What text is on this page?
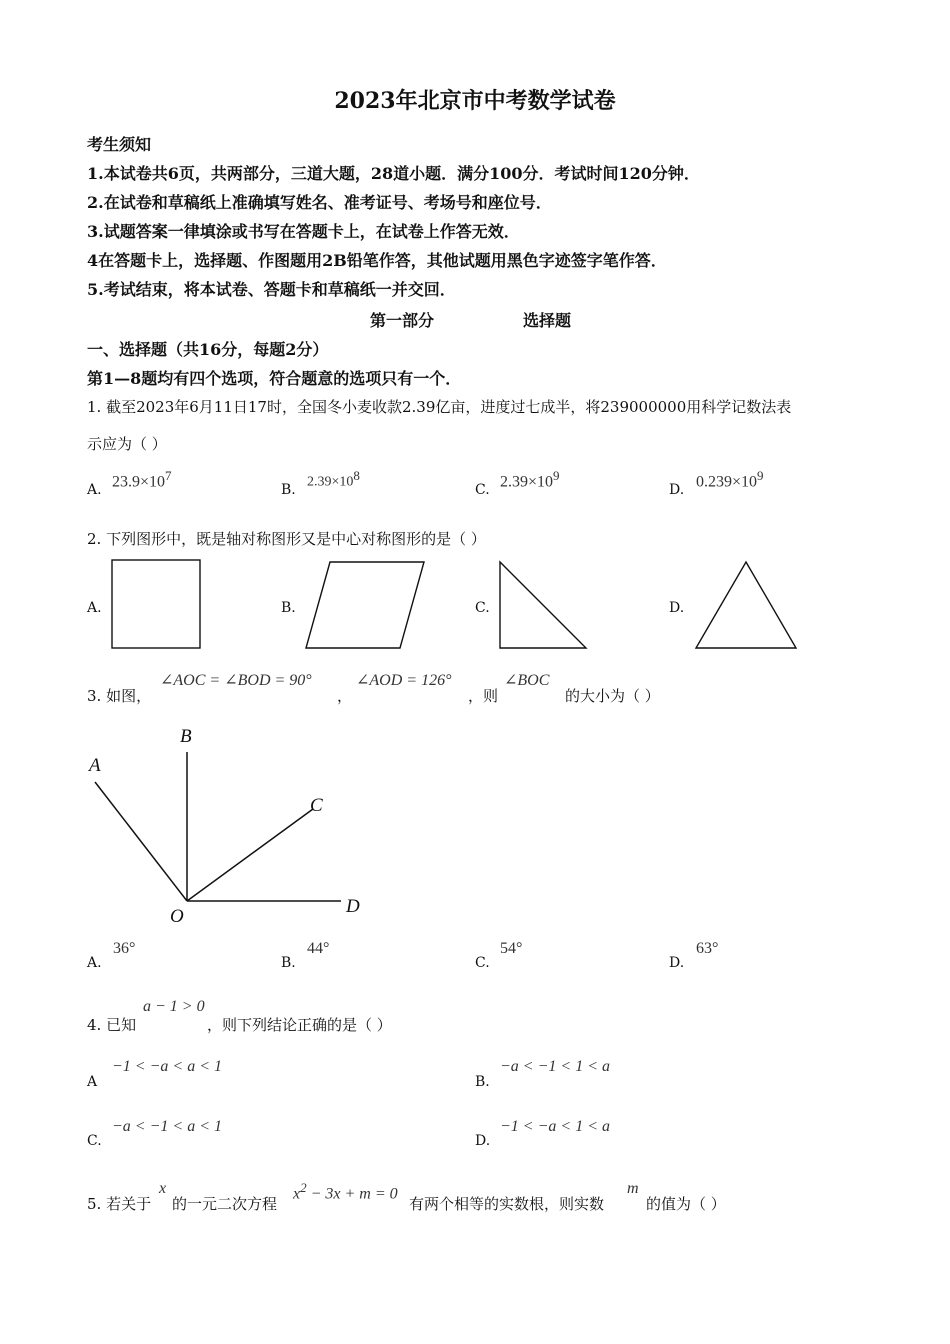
2023年北京市中考数学试卷
考生须知
1.本试卷共6页，共两部分，三道大题，28道小题．满分100分．考试时间120分钟．
2.在试卷和草稿纸上准确填写姓名、准考证号、考场号和座位号．
3.试题答案一律填涂或书写在答题卡上，在试卷上作答无效．
4在答题卡上，选择题、作图题用2B铅笔作答，其他试题用黑色字迹签字笔作答．
5.考试结束，将本试卷、答题卡和草稿纸一并交回．
第一部分	选择题
一、选择题（共16分，每题2分）
第1—8题均有四个选项，符合题意的选项只有一个．
1. 截至2023年6月11日17时，全国冬小麦收款2.39亿亩，进度过七成半，将239000000用科学记数法表
示应为（ ）
A. $23.9\times 10^7$
B. $2.39\times 10^8$
C. $2.39\times 10^9$
D. $0.239\times 10^9$
2. 下列图形中，既是轴对称图形又是中心对称图形的是（ ）
A.	B.	C.	D.
3. 如图，
∠AOC = ∠BOD = 90°
，
∠AOD = 126°
，则
∠BOC
的大小为（ ）
B
A
C
D
O
A.
36°
B.
44°
C.
54°
D.
63°
4. 已知
a − 1 > 0
，则下列结论正确的是（ ）
A
−1 < −a < a < 1
B.
−a < −1 < 1 < a
C.
−a < −1 < a < 1
D.
−1 < −a < 1 < a
5. 若关于
x
的一元二次方程
$x^2 - 3x + m = 0$
有两个相等的实数根，则实数
m
的值为（ ）
